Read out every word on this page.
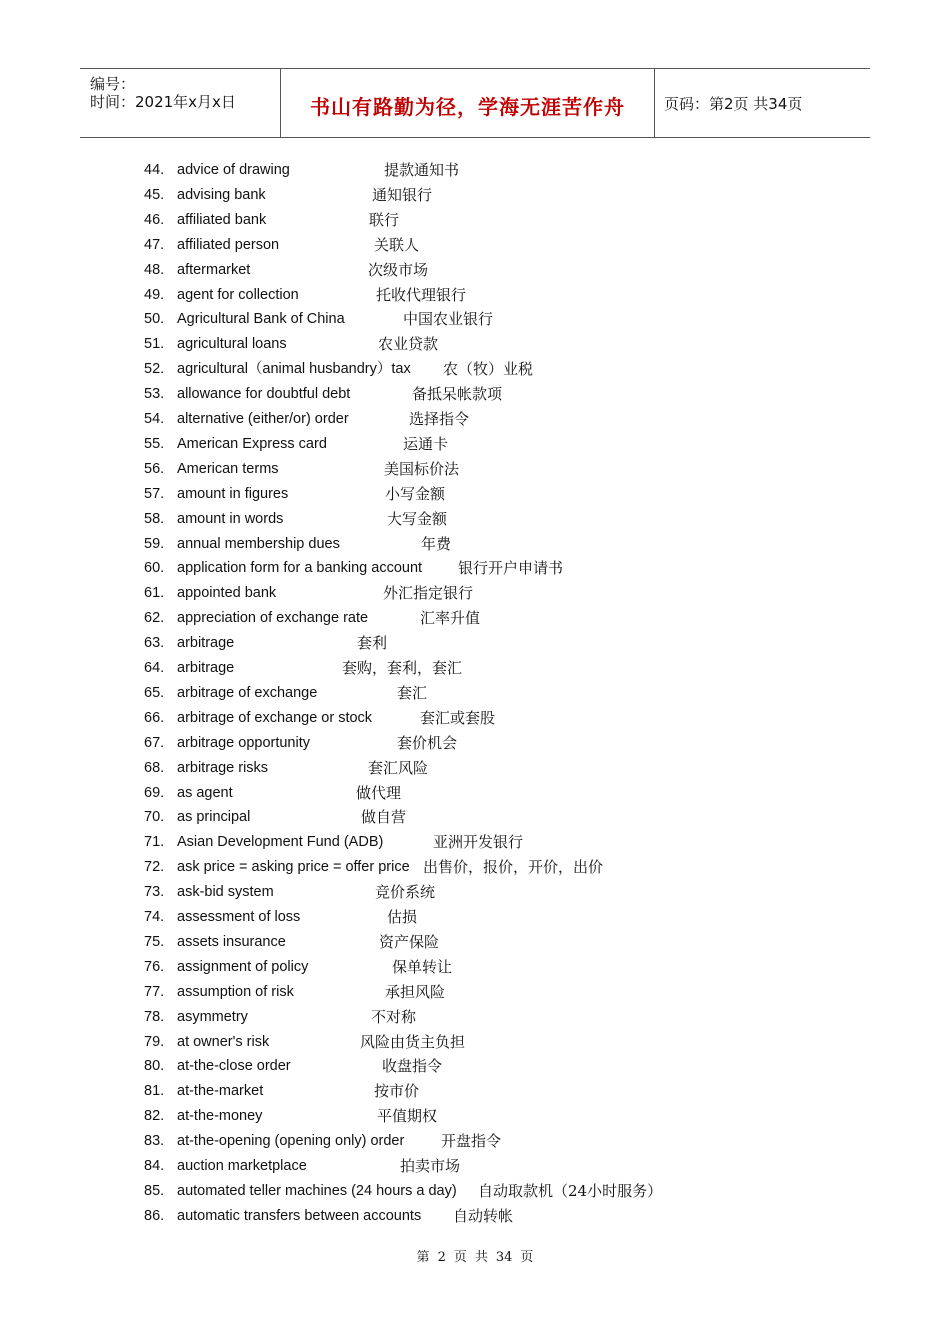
编号：
时间：2021年x月x日	书山有路勤为径，学海无涯苦作舟	页码：第2页 共34页
44. advice of drawing	提款通知书
45. advising bank	通知银行
46. affiliated bank	联行
47. affiliated person	关联人
48. aftermarket	次级市场
49. agent for collection	托收代理银行
50. Agricultural Bank of China	中国农业银行
51. agricultural loans	农业贷款
52. agricultural（animal husbandry）tax 农（牧）业税
53. allowance for doubtful debt	备抵呆帐款项
54. alternative (either/or) order	选择指令
55. American Express card	运通卡
56. American terms	美国标价法
57. amount in figures	小写金额
58. amount in words	大写金额
59. annual membership dues	年费
60. application form for a banking account 银行开户申请书
61. appointed bank	外汇指定银行
62. appreciation of exchange rate	汇率升值
63. arbitrage	套利
64. arbitrage	套购，套利，套汇
65. arbitrage of exchange	套汇
66. arbitrage of exchange or stock	套汇或套股
67. arbitrage opportunity	套价机会
68. arbitrage risks	套汇风险
69. as agent	做代理
70. as principal	做自营
71. Asian Development Fund (ADB)	亚洲开发银行
72. ask price = asking price = offer price 出售价，报价，开价，出价
73. ask-bid system	竞价系统
74. assessment of loss	估损
75. assets insurance	资产保险
76. assignment of policy	保单转让
77. assumption of risk	承担风险
78. asymmetry	不对称
79. at owner's risk	风险由货主负担
80. at-the-close order	收盘指令
81. at-the-market	按市价
82. at-the-money	平值期权
83. at-the-opening (opening only) order 开盘指令
84. auction marketplace	拍卖市场
85. automated teller machines (24 hours a day) 自动取款机（24小时服务）
86. automatic transfers between accounts 自动转帐
第 2 页 共 34 页
